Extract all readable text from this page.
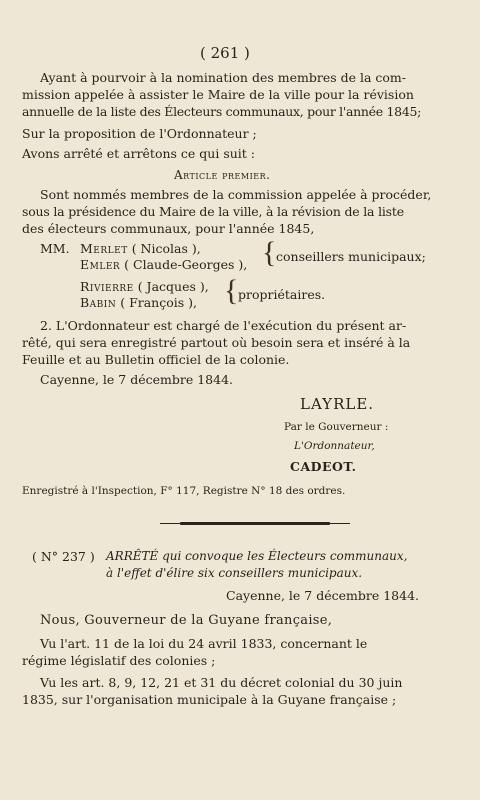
( 261 )
Ayant à pourvoir à la nomination des membres de la com-
mission appelée à assister le Maire de la ville pour la révision
annuelle de la liste des Électeurs communaux, pour l'année 1845;
Sur la proposition de l'Ordonnateur ;
Avons arrêté et arrêtons ce qui suit :
Article premier.
Sont nommés membres de la commission appelée à procéder,
sous la présidence du Maire de la ville, à la révision de la liste
des électeurs communaux, pour l'année 1845,
MM. Merlet ( Nicolas ),
Emler ( Claude-Georges ), { conseillers municipaux;
Rivierre ( Jacques ),
Babin ( François ), { propriétaires.
2. L'Ordonnateur est chargé de l'exécution du présent ar-
rêté, qui sera enregistré partout où besoin sera et inséré à la
Feuille et au Bulletin officiel de la colonie.
Cayenne, le 7 décembre 1844.
LAYRLE.
Par le Gouverneur :
L'Ordonnateur,
CADEOT.
Enregistré à l'Inspection, F° 117, Registre N° 18 des ordres.
( N° 237 ) ARRÊTÉ qui convoque les Électeurs communaux,
à l'effet d'élire six conseillers municipaux.
Cayenne, le 7 décembre 1844.
Nous, Gouverneur de la Guyane française,
Vu l'art. 11 de la loi du 24 avril 1833, concernant le
régime législatif des colonies ;
Vu les art. 8, 9, 12, 21 et 31 du décret colonial du 30 juin
1835, sur l'organisation municipale à la Guyane française ;
